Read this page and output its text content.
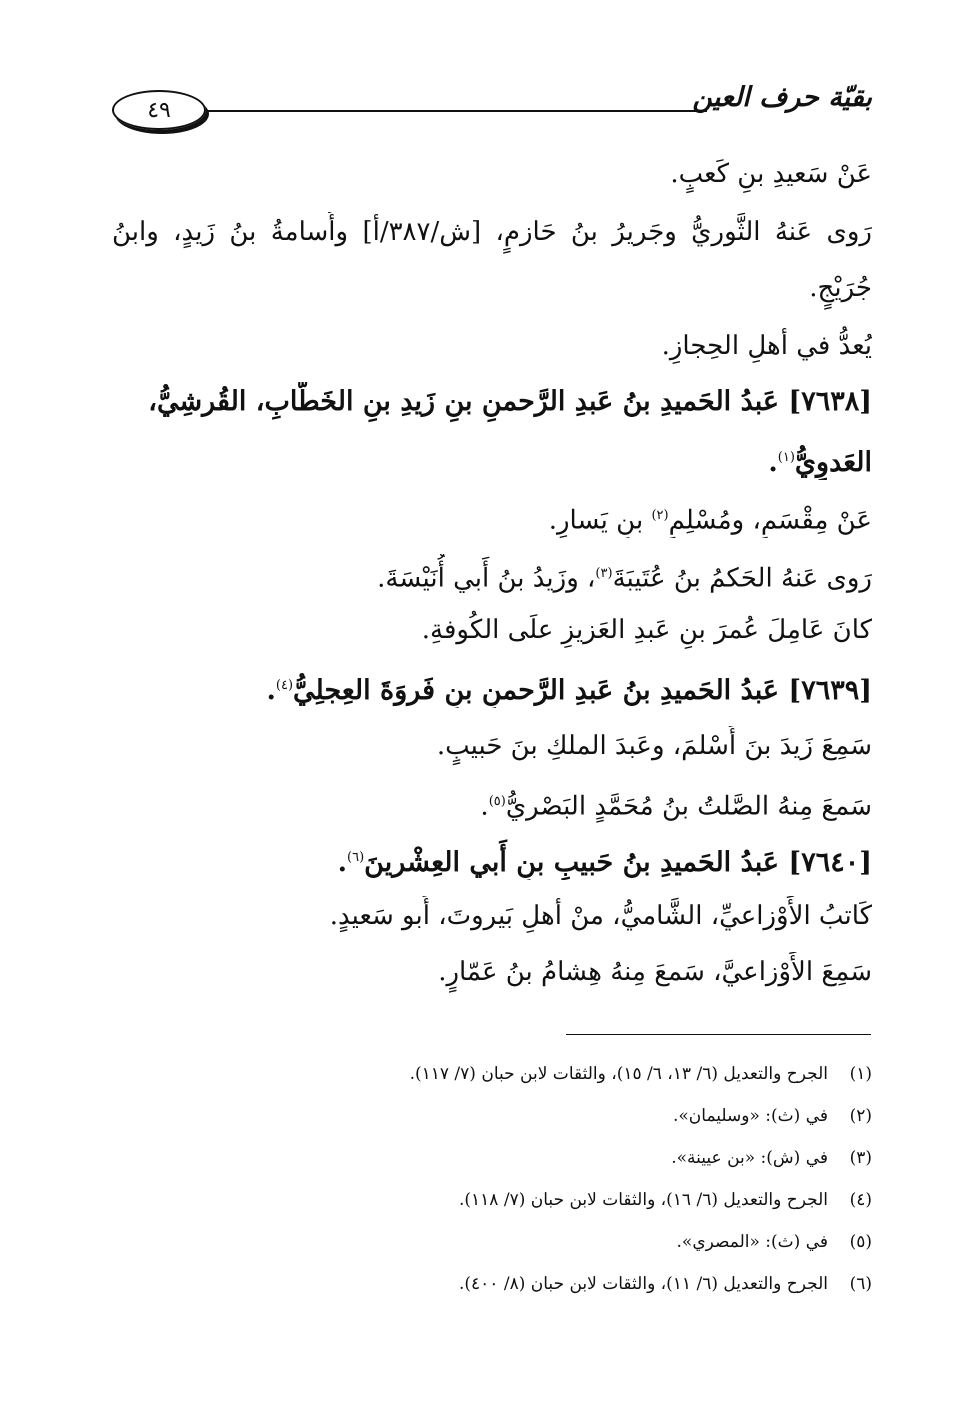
٤٩	بقيّة حرف العين
عَنْ سَعيدِ بنِ كَعبٍ.
رَوى عَنهُ الثَّوريُّ وجَريرُ بنُ حَازمٍ، [ش/٣٨٧/أ] وأُسامةُ بنُ زَيدٍ، وابنُ
جُرَيْجٍ.
يُعدُّ في أهلِ الحِجازِ.
[٧٦٣٨] عَبدُ الحَميدِ بنُ عَبدِ الرَّحمنِ بنِ زَيدِ بنِ الخَطّابِ، القُرشِيُّ،
العَدوِيُّ$^{(١)}$.
عَنْ مِقْسَمٍ، ومُسْلِمٍ$^{(٢)}$ بنِ يَسارٍ.
رَوى عَنهُ الحَكمُ بنُ عُتَيبَةَ$^{(٣)}$، وزَيدُ بنُ أَبي أُنَيْسَةَ.
كانَ عَامِلَ عُمرَ بنِ عَبدِ العَزيزِ علَى الكُوفةِ.
[٧٦٣٩] عَبدُ الحَميدِ بنُ عَبدِ الرَّحمنِ بنِ فَروَةَ العِجلِيُّ$^{(٤)}$.
سَمِعَ زَيدَ بنَ أَسْلمَ، وعَبدَ الملكِ بنَ حَبيبٍ.
سَمعَ مِنهُ الصَّلتُ بنُ مُحَمَّدٍ البَصْريُّ$^{(٥)}$.
[٧٦٤٠] عَبدُ الحَميدِ بنُ حَبيبِ بنِ أَبي العِشْرينَ$^{(٦)}$.
كَاتبُ الأَوْزاعيِّ، الشَّاميُّ، منْ أهلِ بَيروتَ، أَبو سَعيدٍ.
سَمِعَ الأَوْزاعيَّ، سَمعَ مِنهُ هِشامُ بنُ عَمّارٍ.
(١)الجرح والتعديل (٦/ ١٣، ٦/ ١٥)، والثقات لابن حبان (٧/ ١١٧).
(٢)في (ث): «وسليمان».
(٣)في (ش): «بن عيينة».
(٤)الجرح والتعديل (٦/ ١٦)، والثقات لابن حبان (٧/ ١١٨).
(٥)في (ث): «المصري».
(٦)الجرح والتعديل (٦/ ١١)، والثقات لابن حبان (٨/ ٤٠٠).
